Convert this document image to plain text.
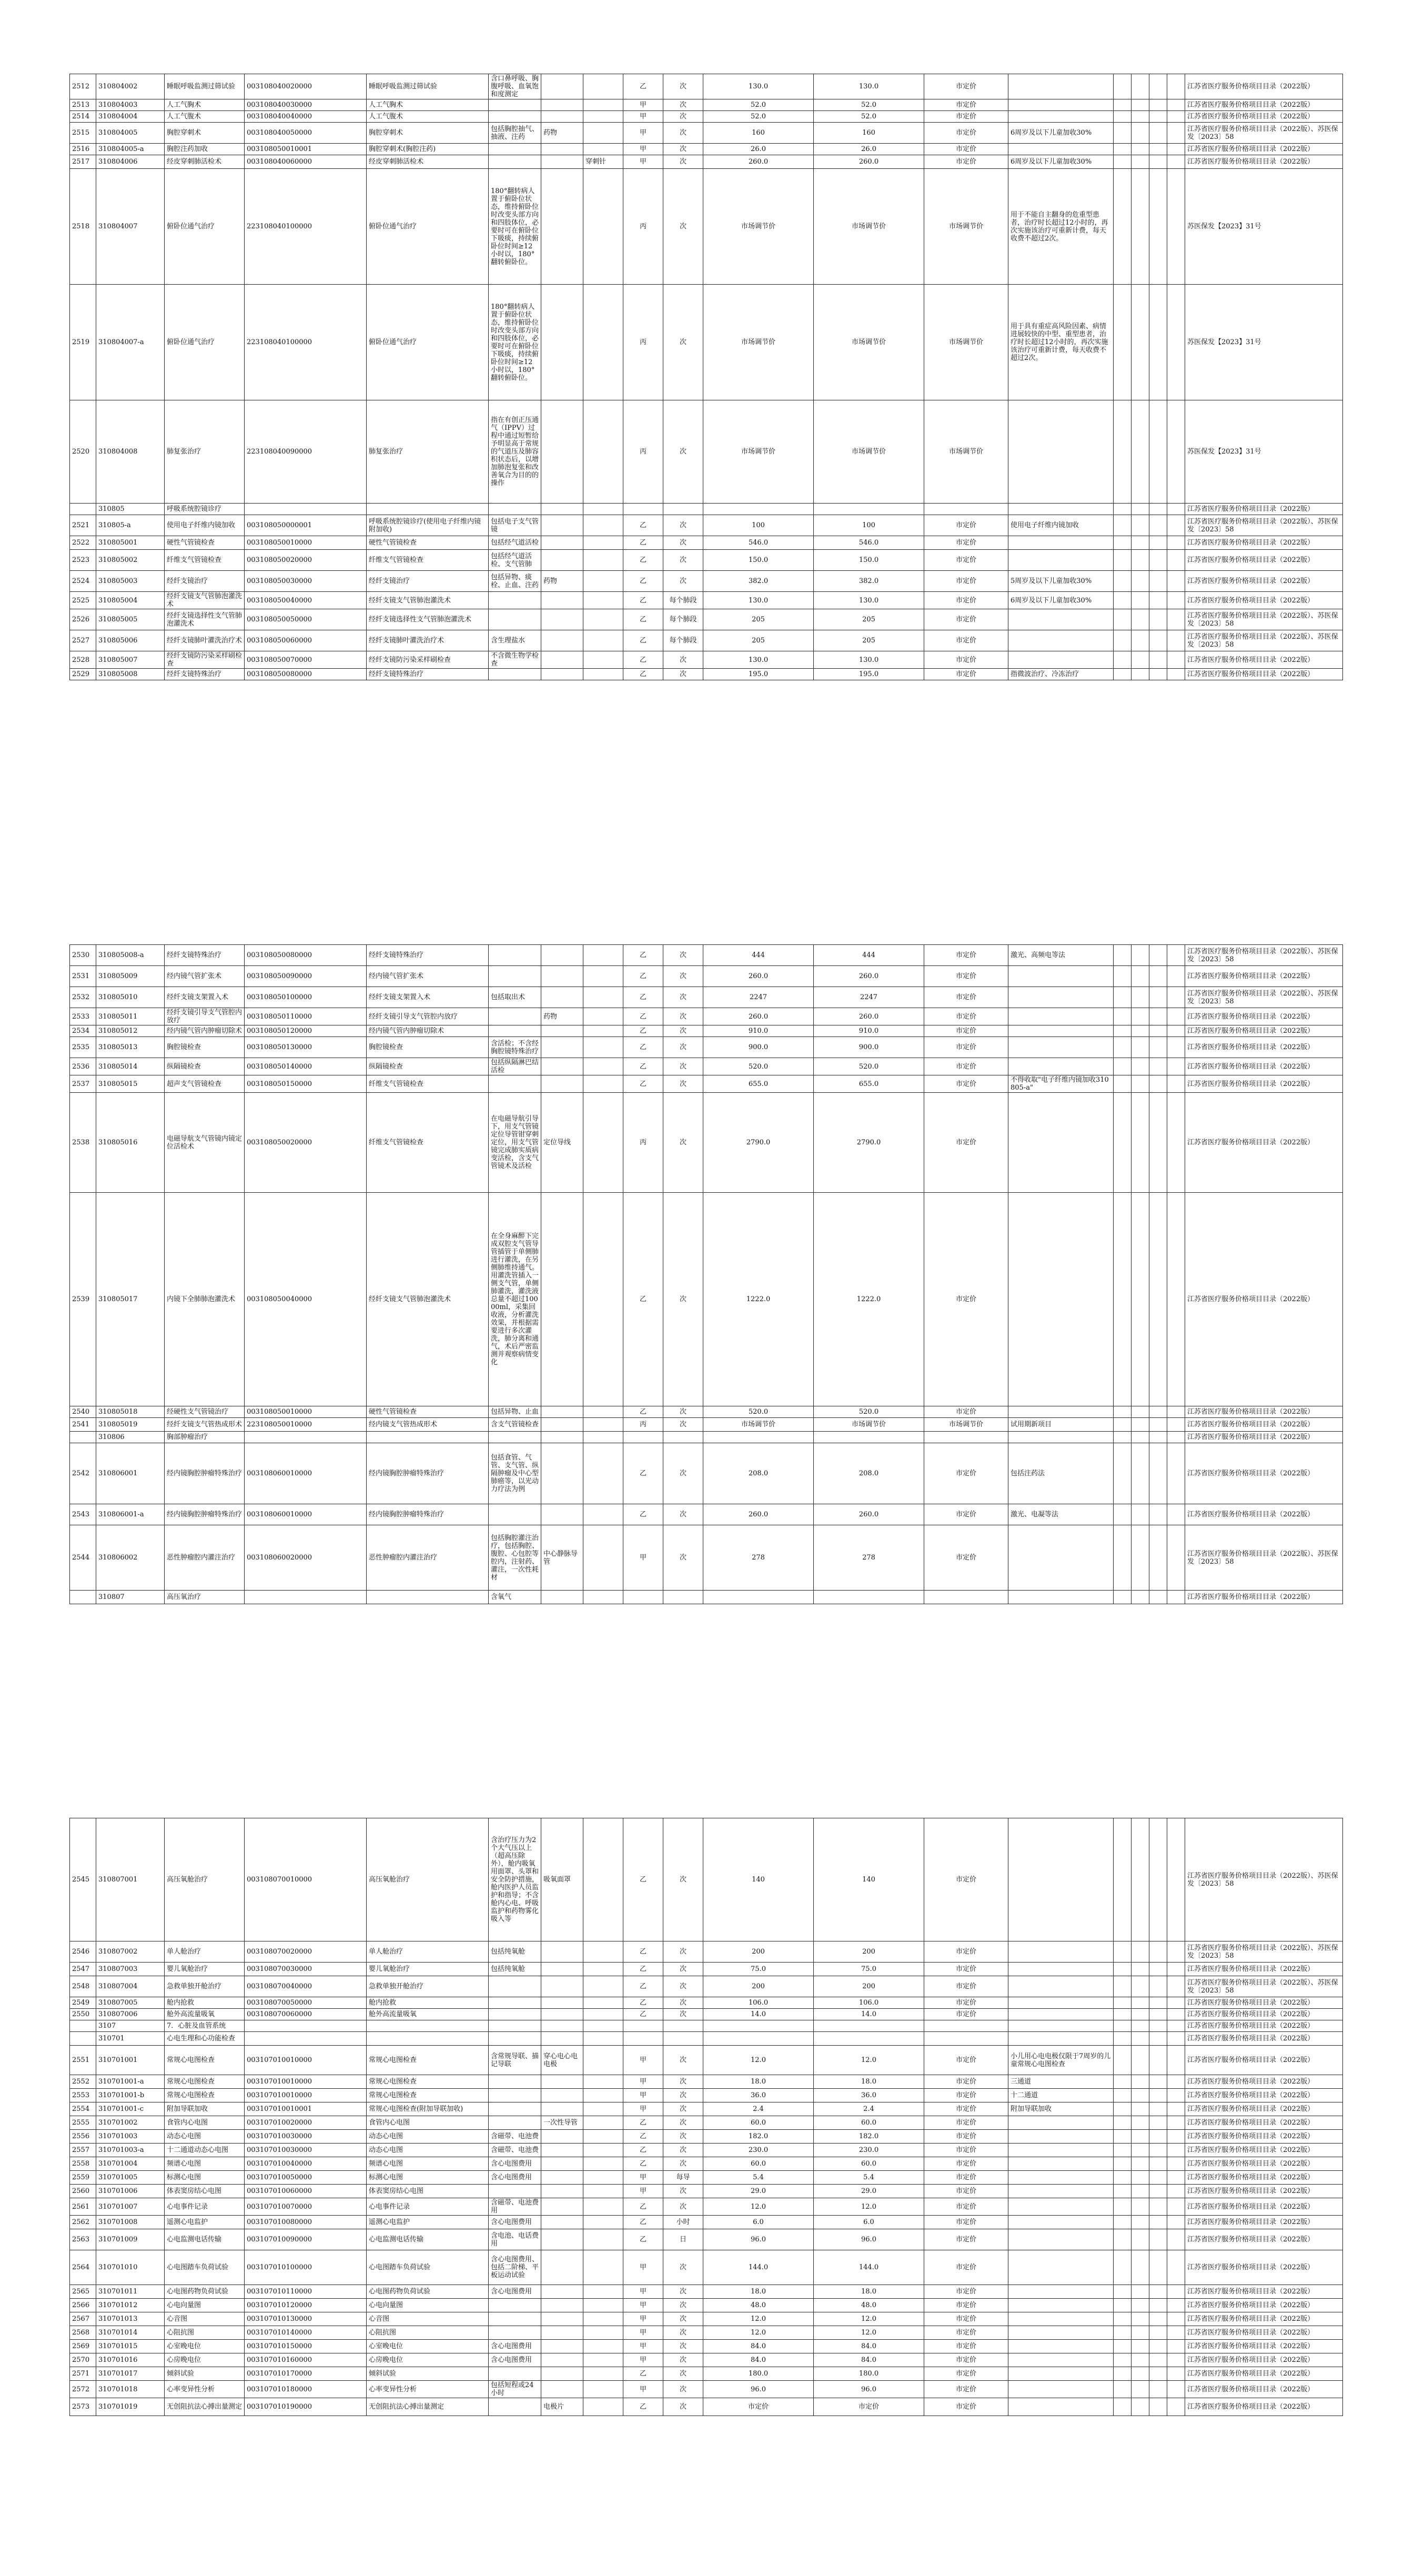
2512	310804002	睡眠呼吸监测过筛试验	003108040020000	睡眠呼吸监测过筛试验	含口鼻呼吸、胸腹呼吸、血氧饱和度测定			乙	次	130.0	130.0	市定价						江苏省医疗服务价格项目目录（2022版）
2513	310804003	人工气胸术	003108040030000	人工气胸术				甲	次	52.0	52.0	市定价						江苏省医疗服务价格项目目录（2022版）
2514	310804004	人工气腹术	003108040040000	人工气腹术				甲	次	52.0	52.0	市定价						江苏省医疗服务价格项目目录（2022版）
2515	310804005	胸腔穿刺术	003108040050000	胸腔穿刺术	包括胸腔抽气、抽液、注药	药物		甲	次	160	160	市定价	6周岁及以下儿童加收30%					江苏省医疗服务价格项目目录（2022版）、苏医保发〔2023〕58
2516	310804005-a	胸腔注药加收	003108050010001	胸腔穿刺术(胸腔注药)				甲	次	26.0	26.0	市定价						江苏省医疗服务价格项目目录（2022版）
2517	310804006	经皮穿刺肺活检术	003108040060000	经皮穿刺肺活检术			穿刺针	甲	次	260.0	260.0	市定价	6周岁及以下儿童加收30%					江苏省医疗服务价格项目目录（2022版）
2518	310804007	俯卧位通气治疗	223108040100000	俯卧位通气治疗	180°翻转病人置于俯卧位状态，维持俯卧位时改变头部方向和四肢体位，必要时可在俯卧位下吸痰，持续俯卧位时间≥12小时以，180°翻转俯卧位。			丙	次	市场调节价	市场调节价	市场调节价	用于不能自主翻身的危重型患者，治疗时长超过12小时的，再次实施该治疗可重新计费，每天收费不超过2次。					苏医保发【2023】31号
2519	310804007-a	俯卧位通气治疗	223108040100000	俯卧位通气治疗	180°翻转病人置于俯卧位状态，维持俯卧位时改变头部方向和四肢体位，必要时可在俯卧位下吸痰，持续俯卧位时间≥12小时以，180°翻转俯卧位。			丙	次	市场调节价	市场调节价	市场调节价	用于具有重症高风险因素、病情进展较快的中型、重型患者，治疗时长超过12小时的，再次实施该治疗可重新计费，每天收费不超过2次。					苏医保发【2023】31号
2520	310804008	肺复张治疗	223108040090000	肺复张治疗	指在有创正压通气（IPPV）过程中通过短暂给予明显高于常规的气道压及肺容积状态后，以增加肺泡复张和改善氧合为目的的操作			丙	次	市场调节价	市场调节价	市场调节价						苏医保发【2023】31号
	310805	呼吸系统腔镜诊疗																江苏省医疗服务价格项目目录（2022版）
2521	310805-a	使用电子纤维内镜加收	003108050000001	呼吸系统腔镜诊疗(使用电子纤维内镜附加收)	包括电子支气管镜			乙	次	100	100	市定价	使用电子纤维内镜加收					江苏省医疗服务价格项目目录（2022版）、苏医保发〔2023〕58
2522	310805001	硬性气管镜检查	003108050010000	硬性气管镜检查	包括经气道活检			乙	次	546.0	546.0	市定价						江苏省医疗服务价格项目目录（2022版）
2523	310805002	纤维支气管镜检查	003108050020000	纤维支气管镜检查	包括经气道活检、支气管肺			乙	次	150.0	150.0	市定价						江苏省医疗服务价格项目目录（2022版）
2524	310805003	经纤支镜治疗	003108050030000	经纤支镜治疗	包括异物、痰栓、止血、注药	药物		乙	次	382.0	382.0	市定价	5周岁及以下儿童加收30%					江苏省医疗服务价格项目目录（2022版）
2525	310805004	经纤支镜支气管肺泡灌洗术	003108050040000	经纤支镜支气管肺泡灌洗术				乙	每个肺段	130.0	130.0	市定价	6周岁及以下儿童加收30%					江苏省医疗服务价格项目目录（2022版）
2526	310805005	经纤支镜选择性支气管肺泡灌洗术	003108050050000	经纤支镜选择性支气管肺泡灌洗术				乙	每个肺段	205	205	市定价						江苏省医疗服务价格项目目录（2022版）、苏医保发〔2023〕58
2527	310805006	经纤支镜肺叶灌洗治疗术	003108050060000	经纤支镜肺叶灌洗治疗术	含生理盐水			乙	每个肺段	205	205	市定价						江苏省医疗服务价格项目目录（2022版）、苏医保发〔2023〕58
2528	310805007	经纤支镜防污染采样刷检查	003108050070000	经纤支镜防污染采样刷检查	不含微生物学检查			乙	次	130.0	130.0	市定价						江苏省医疗服务价格项目目录（2022版）
2529	310805008	经纤支镜特殊治疗	003108050080000	经纤支镜特殊治疗				乙	次	195.0	195.0	市定价	指微波治疗、冷冻治疗					江苏省医疗服务价格项目目录（2022版）
2530	310805008-a	经纤支镜特殊治疗	003108050080000	经纤支镜特殊治疗				乙	次	444	444	市定价	激光、高频电等法					江苏省医疗服务价格项目目录（2022版）、苏医保发〔2023〕58
2531	310805009	经内镜气管扩张术	003108050090000	经内镜气管扩张术				乙	次	260.0	260.0	市定价						江苏省医疗服务价格项目目录（2022版）
2532	310805010	经纤支镜支架置入术	003108050100000	经纤支镜支架置入术	包括取出术			乙	次	2247	2247	市定价						江苏省医疗服务价格项目目录（2022版）、苏医保发〔2023〕58
2533	310805011	经纤支镜引导支气管腔内放疗	003108050110000	经纤支镜引导支气管腔内放疗		药物		乙	次	260.0	260.0	市定价						江苏省医疗服务价格项目目录（2022版）
2534	310805012	经内镜气管内肿瘤切除术	003108050120000	经内镜气管内肿瘤切除术				乙	次	910.0	910.0	市定价						江苏省医疗服务价格项目目录（2022版）
2535	310805013	胸腔镜检查	003108050130000	胸腔镜检查	含活检；不含经胸腔镜特殊治疗			乙	次	900.0	900.0	市定价						江苏省医疗服务价格项目目录（2022版）
2536	310805014	纵隔镜检查	003108050140000	纵隔镜检查	包括纵隔淋巴结活检			乙	次	520.0	520.0	市定价						江苏省医疗服务价格项目目录（2022版）
2537	310805015	超声支气管镜检查	003108050150000	纤维支气管镜检查				乙	次	655.0	655.0	市定价	不得收取"电子纤维内镜加收310805-a"					江苏省医疗服务价格项目目录（2022版）
2538	310805016	电磁导航支气管镜内镜定位活检术	003108050020000	纤维支气管镜检查	在电磁导航引导下，用支气管镜定位导管钳穿刺定位，用支气管镜完成肺实质病变活检，含支气管镜术及活检	定位导线		丙	次	2790.0	2790.0	市定价						江苏省医疗服务价格项目目录（2022版）
2539	310805017	内镜下全肺肺泡灌洗术	003108050040000	经纤支镜支气管肺泡灌洗术	在全身麻醉下完成双腔支气管导管插管于单侧肺进行灌洗，在另侧肺维持通气。用灌洗管插入一侧支气管，单侧肺灌洗，灌洗液总量不超过10000ml，采集回收液，分析灌洗效果，并根据需要进行多次灌洗，肺分离和通气，术后严密监测并观察病情变化			乙	次	1222.0	1222.0	市定价						江苏省医疗服务价格项目目录（2022版）
2540	310805018	经硬性支气管镜治疗	003108050010000	硬性气管镜检查	包括异物、止血			乙	次	520.0	520.0	市定价						江苏省医疗服务价格项目目录（2022版）
2541	310805019	经纤支镜支气管热成形术	223108050010000	经内镜支气管热成形术	含支气管镜检查			丙	次	市场调节价	市场调节价	市场调节价	试用期新项目					江苏省医疗服务价格项目目录（2022版）
	310806	胸部肿瘤治疗																江苏省医疗服务价格项目目录（2022版）
2542	310806001	经内镜胸腔肿瘤特殊治疗	003108060010000	经内镜胸腔肿瘤特殊治疗	包括食管、气管、支气管、纵隔肿瘤及中心型肺癌等，以光动力疗法为例			乙	次	208.0	208.0	市定价	包括注药法					江苏省医疗服务价格项目目录（2022版）
2543	310806001-a	经内镜胸腔肿瘤特殊治疗	003108060010000	经内镜胸腔肿瘤特殊治疗				乙	次	260.0	260.0	市定价	激光、电凝等法					江苏省医疗服务价格项目目录（2022版）
2544	310806002	恶性肿瘤腔内灌注治疗	003108060020000	恶性肿瘤腔内灌注治疗	包括胸腔灌注治疗，包括胸腔、腹腔、心包腔等腔内，注射药、灌注，一次性耗材	中心静脉导管		甲	次	278	278	市定价						江苏省医疗服务价格项目目录（2022版）、苏医保发〔2023〕58
	310807	高压氧治疗			含氧气													江苏省医疗服务价格项目目录（2022版）
2545	310807001	高压氧舱治疗	003108070010000	高压氧舱治疗	含治疗压力为2个大气压以上（超高压除外），舱内吸氧用面罩、头罩和安全防护措施，舱内医护人员监护和指导；不含舱内心电、呼吸监护和药物雾化吸入等	吸氧面罩		乙	次	140	140	市定价						江苏省医疗服务价格项目目录（2022版）、苏医保发〔2023〕58
2546	310807002	单人舱治疗	003108070020000	单人舱治疗	包括纯氧舱			乙	次	200	200	市定价						江苏省医疗服务价格项目目录（2022版）、苏医保发〔2023〕58
2547	310807003	婴儿氧舱治疗	003108070030000	婴儿氧舱治疗	包括纯氧舱			乙	次	75.0	75.0	市定价						江苏省医疗服务价格项目目录（2022版）
2548	310807004	急救单独开舱治疗	003108070040000	急救单独开舱治疗				乙	次	200	200	市定价						江苏省医疗服务价格项目目录（2022版）、苏医保发〔2023〕58
2549	310807005	舱内抢救	003108070050000	舱内抢救				乙	次	106.0	106.0	市定价						江苏省医疗服务价格项目目录（2022版）
2550	310807006	舱外高流量吸氧	003108070060000	舱外高流量吸氧				乙	次	14.0	14.0	市定价						江苏省医疗服务价格项目目录（2022版）
	3107	7．心脏及血管系统																江苏省医疗服务价格项目目录（2022版）
	310701	心电生理和心功能检查																江苏省医疗服务价格项目目录（2022版）
2551	310701001	常规心电图检查	003107010010000	常规心电图检查	含常规导联、描记导联	穿心电心电电极		甲	次	12.0	12.0	市定价	小儿用心电电极仅限于7周岁的儿童常规心电图检查					江苏省医疗服务价格项目目录（2022版）
2552	310701001-a	常规心电图检查	003107010010000	常规心电图检查				甲	次	18.0	18.0	市定价	三通道					江苏省医疗服务价格项目目录（2022版）
2553	310701001-b	常规心电图检查	003107010010000	常规心电图检查				甲	次	36.0	36.0	市定价	十二通道					江苏省医疗服务价格项目目录（2022版）
2554	310701001-c	附加导联加收	003107010010001	常规心电图检查(附加导联加收)				甲	次	2.4	2.4	市定价	附加导联加收					江苏省医疗服务价格项目目录（2022版）
2555	310701002	食管内心电图	003107010020000	食管内心电图		一次性导管		乙	次	60.0	60.0	市定价						江苏省医疗服务价格项目目录（2022版）
2556	310701003	动态心电图	003107010030000	动态心电图	含磁带、电池费			乙	次	182.0	182.0	市定价						江苏省医疗服务价格项目目录（2022版）
2557	310701003-a	十二通道动态心电图	003107010030000	动态心电图	含磁带、电池费			乙	次	230.0	230.0	市定价						江苏省医疗服务价格项目目录（2022版）
2558	310701004	频谱心电图	003107010040000	频谱心电图	含心电图费用			乙	次	60.0	60.0	市定价						江苏省医疗服务价格项目目录（2022版）
2559	310701005	标测心电图	003107010050000	标测心电图	含心电图费用			甲	每导	5.4	5.4	市定价						江苏省医疗服务价格项目目录（2022版）
2560	310701006	体表窦房结心电图	003107010060000	体表窦房结心电图				甲	次	29.0	29.0	市定价						江苏省医疗服务价格项目目录（2022版）
2561	310701007	心电事件记录	003107010070000	心电事件记录	含磁带、电池费用			乙	次	12.0	12.0	市定价						江苏省医疗服务价格项目目录（2022版）
2562	310701008	遥测心电监护	003107010080000	遥测心电监护	含心电图费用			乙	小时	6.0	6.0	市定价						江苏省医疗服务价格项目目录（2022版）
2563	310701009	心电监测电话传输	003107010090000	心电监测电话传输	含电池、电话费用			乙	日	96.0	96.0	市定价						江苏省医疗服务价格项目目录（2022版）
2564	310701010	心电图踏车负荷试验	003107010100000	心电图踏车负荷试验	含心电图费用、包括二阶梯、平板运动试验			甲	次	144.0	144.0	市定价						江苏省医疗服务价格项目目录（2022版）
2565	310701011	心电图药物负荷试验	003107010110000	心电图药物负荷试验	含心电图费用			甲	次	18.0	18.0	市定价						江苏省医疗服务价格项目目录（2022版）
2566	310701012	心电向量图	003107010120000	心电向量图				甲	次	48.0	48.0	市定价						江苏省医疗服务价格项目目录（2022版）
2567	310701013	心音图	003107010130000	心音图				甲	次	12.0	12.0	市定价						江苏省医疗服务价格项目目录（2022版）
2568	310701014	心阻抗图	003107010140000	心阻抗图				甲	次	12.0	12.0	市定价						江苏省医疗服务价格项目目录（2022版）
2569	310701015	心室晚电位	003107010150000	心室晚电位	含心电图费用			甲	次	84.0	84.0	市定价						江苏省医疗服务价格项目目录（2022版）
2570	310701016	心房晚电位	003107010160000	心房晚电位	含心电图费用			甲	次	84.0	84.0	市定价						江苏省医疗服务价格项目目录（2022版）
2571	310701017	倾斜试验	003107010170000	倾斜试验				乙	次	180.0	180.0	市定价						江苏省医疗服务价格项目目录（2022版）
2572	310701018	心率变异性分析	003107010180000	心率变异性分析	包括短程或24小时			甲	次	96.0	96.0	市定价						江苏省医疗服务价格项目目录（2022版）
2573	310701019	无创阻抗法心搏出量测定	003107010190000	无创阻抗法心搏出量测定		电极片		乙	次	市定价	市定价	市定价						江苏省医疗服务价格项目目录（2022版）
